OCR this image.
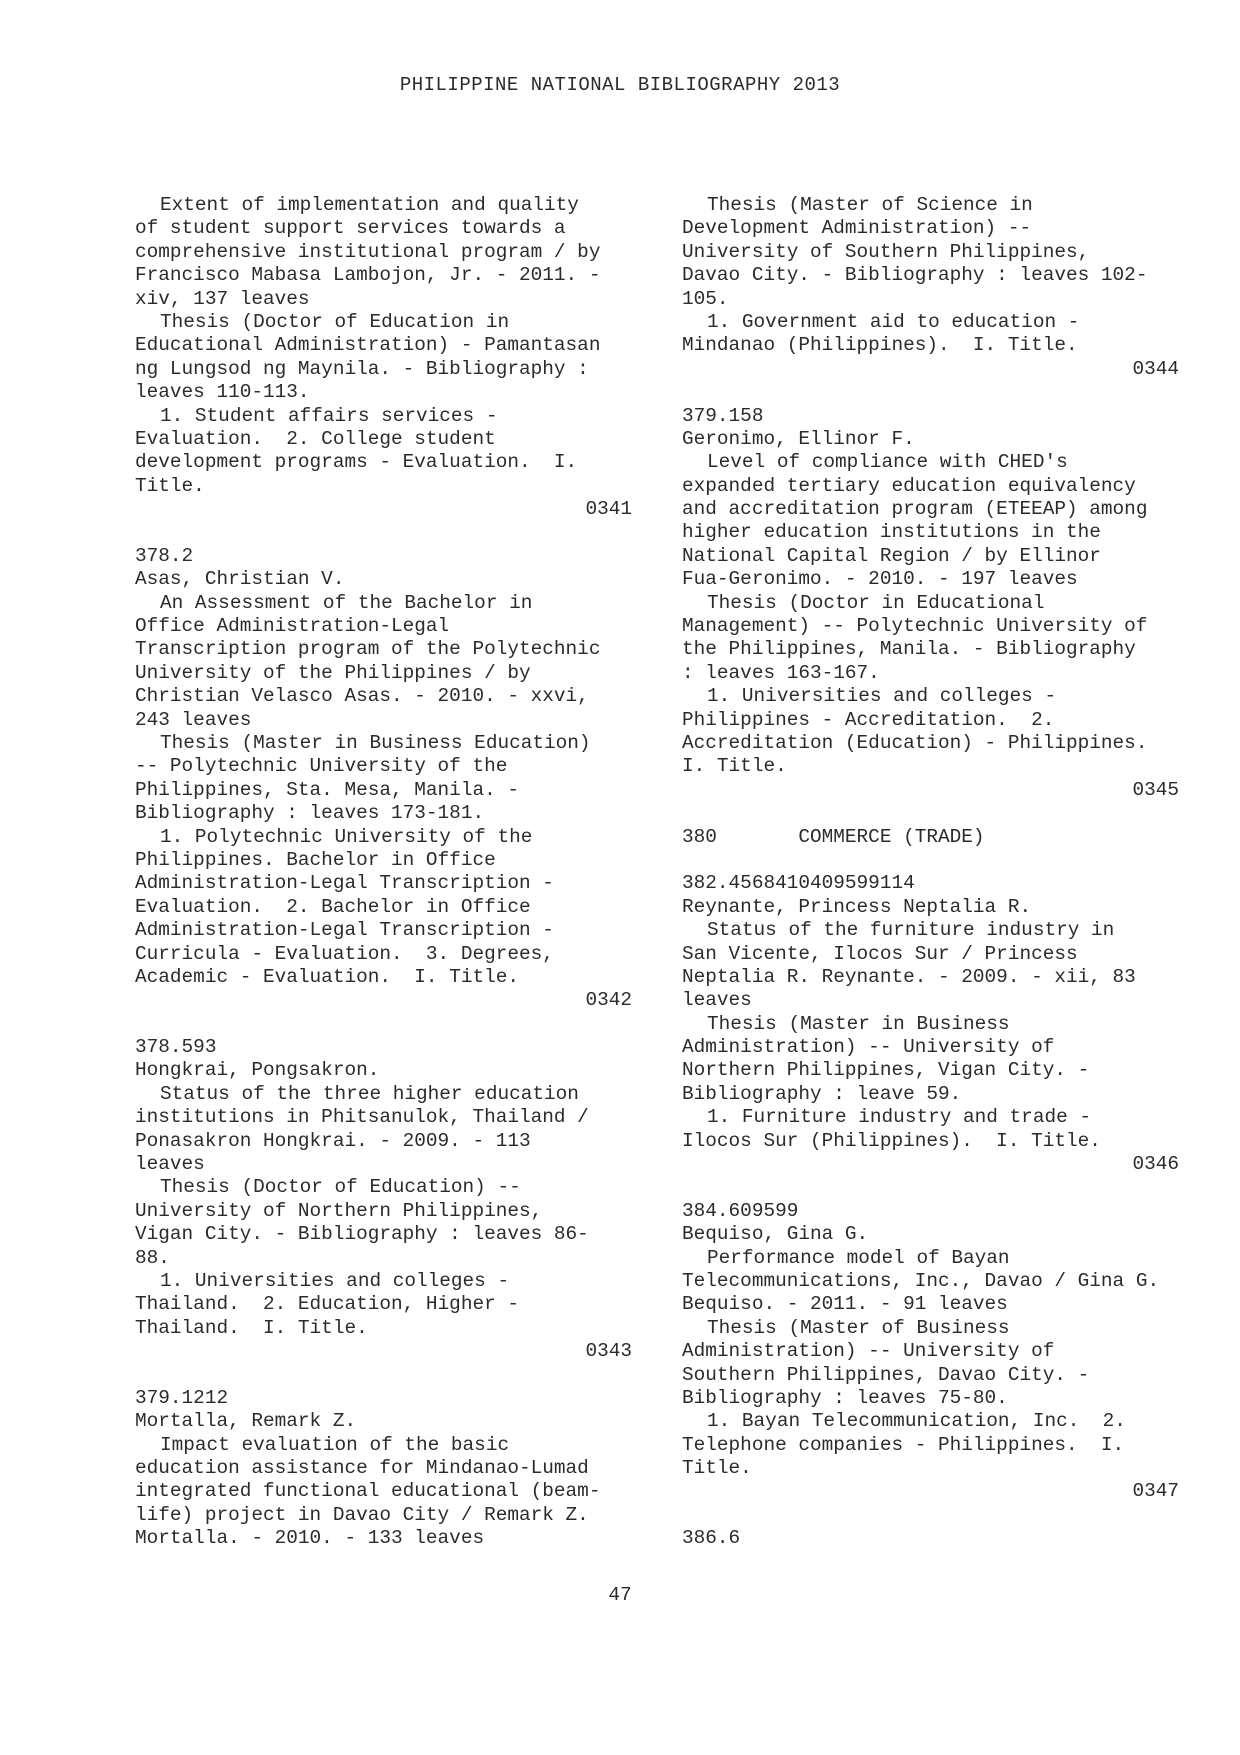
PHILIPPINE NATIONAL BIBLIOGRAPHY 2013
Extent of implementation and quality
of student support services towards a
comprehensive institutional program / by
Francisco Mabasa Lambojon, Jr. - 2011. -
xiv, 137 leaves
Thesis (Doctor of Education in
Educational Administration) - Pamantasan
ng Lungsod ng Maynila. - Bibliography :
leaves 110-113.
1. Student affairs services -
Evaluation.  2. College student
development programs - Evaluation.  I.
Title.
0341
378.2
Asas, Christian V.
An Assessment of the Bachelor in
Office Administration-Legal
Transcription program of the Polytechnic
University of the Philippines / by
Christian Velasco Asas. - 2010. - xxvi,
243 leaves
Thesis (Master in Business Education)
-- Polytechnic University of the
Philippines, Sta. Mesa, Manila. -
Bibliography : leaves 173-181.
1. Polytechnic University of the
Philippines. Bachelor in Office
Administration-Legal Transcription -
Evaluation.  2. Bachelor in Office
Administration-Legal Transcription -
Curricula - Evaluation.  3. Degrees,
Academic - Evaluation.  I. Title.
0342
378.593
Hongkrai, Pongsakron.
Status of the three higher education
institutions in Phitsanulok, Thailand /
Ponasakron Hongkrai. - 2009. - 113
leaves
Thesis (Doctor of Education) --
University of Northern Philippines,
Vigan City. - Bibliography : leaves 86-
88.
1. Universities and colleges -
Thailand.  2. Education, Higher -
Thailand.  I. Title.
0343
379.1212
Mortalla, Remark Z.
Impact evaluation of the basic
education assistance for Mindanao-Lumad
integrated functional educational (beam-
life) project in Davao City / Remark Z.
Mortalla. - 2010. - 133 leaves
Thesis (Master of Science in
Development Administration) --
University of Southern Philippines,
Davao City. - Bibliography : leaves 102-
105.
1. Government aid to education -
Mindanao (Philippines).  I. Title.
0344
379.158
Geronimo, Ellinor F.
Level of compliance with CHED's
expanded tertiary education equivalency
and accreditation program (ETEEAP) among
higher education institutions in the
National Capital Region / by Ellinor
Fua-Geronimo. - 2010. - 197 leaves
Thesis (Doctor in Educational
Management) -- Polytechnic University of
the Philippines, Manila. - Bibliography
: leaves 163-167.
1. Universities and colleges -
Philippines - Accreditation.  2.
Accreditation (Education) - Philippines.
I. Title.
0345
380       COMMERCE (TRADE)
382.4568410409599114
Reynante, Princess Neptalia R.
Status of the furniture industry in
San Vicente, Ilocos Sur / Princess
Neptalia R. Reynante. - 2009. - xii, 83
leaves
Thesis (Master in Business
Administration) -- University of
Northern Philippines, Vigan City. -
Bibliography : leave 59.
1. Furniture industry and trade -
Ilocos Sur (Philippines).  I. Title.
0346
384.609599
Bequiso, Gina G.
Performance model of Bayan
Telecommunications, Inc., Davao / Gina G.
Bequiso. - 2011. - 91 leaves
Thesis (Master of Business
Administration) -- University of
Southern Philippines, Davao City. -
Bibliography : leaves 75-80.
1. Bayan Telecommunication, Inc.  2.
Telephone companies - Philippines.  I.
Title.
0347
386.6
47
